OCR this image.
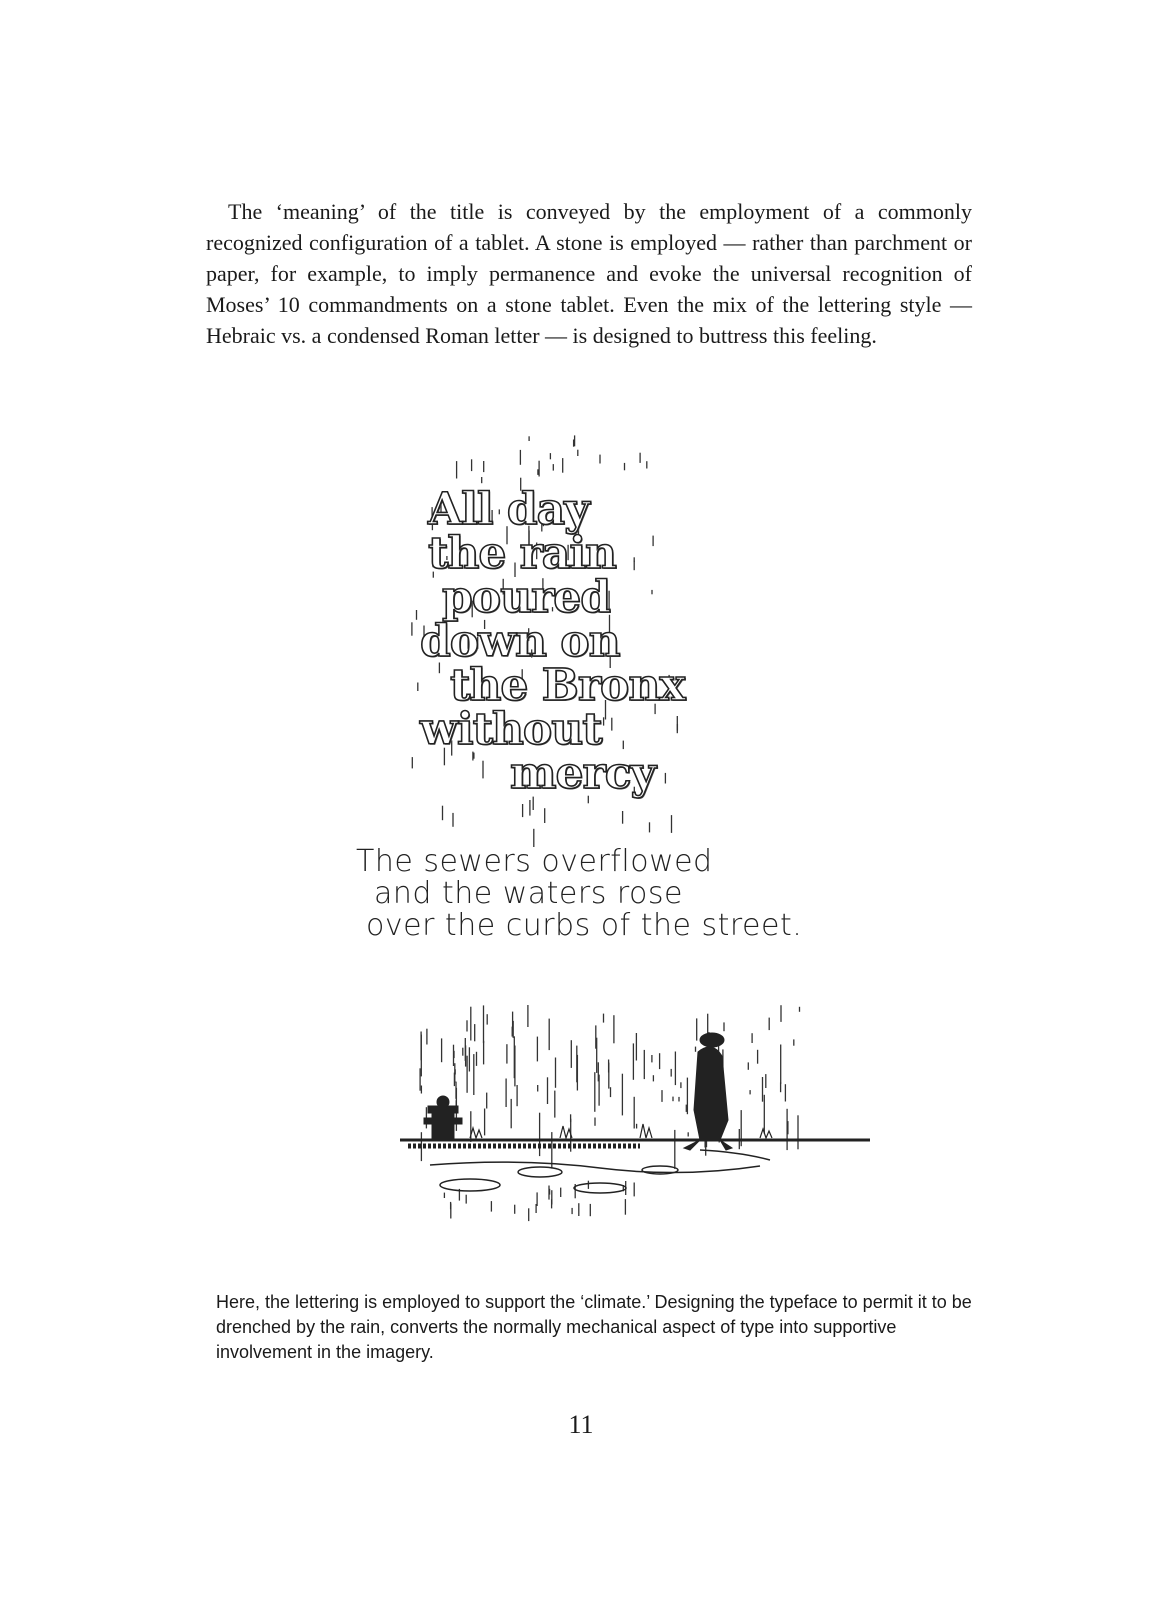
The ‘meaning’ of the title is conveyed by the employment of a commonly recognized configuration of a tablet. A stone is employed — rather than parchment or paper, for example, to imply permanence and evoke the universal recognition of Moses’ 10 commandments on a stone tablet. Even the mix of the lettering style — Hebraic vs. a condensed Roman letter — is designed to buttress this feeling.

All day
the rain
poured
down on
the Bronx
without
mercy
The sewers overflowed
and the waters rose
over the curbs of the street.

Here, the lettering is employed to support the ‘climate.’ Designing the typeface to permit it to be drenched by the rain, converts the normally mechanical aspect of type into supportive involvement in the imagery.

11
